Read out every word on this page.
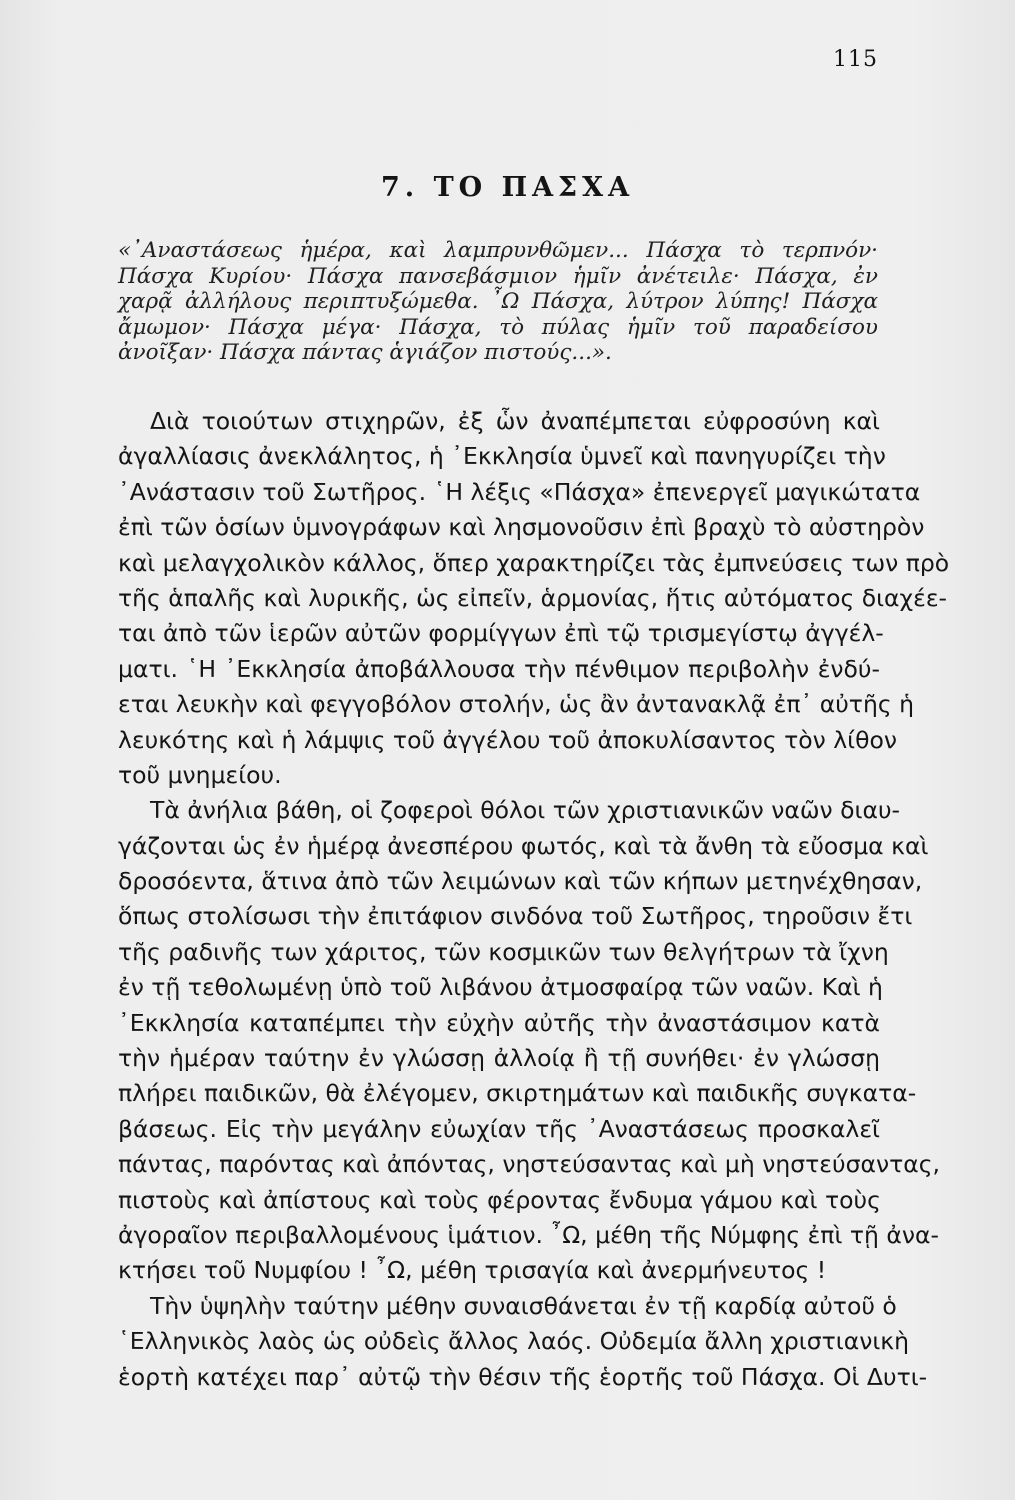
115
7. ΤΟ ΠΑΣΧΑ
«᾿Αναστάσεως ἡμέρα, καὶ λαμπρυνθῶμεν... Πάσχα τὸ τερπνόν·
Πάσχα Κυρίου· Πάσχα πανσεβάσμιον ἡμῖν ἀνέτειλε· Πάσχα, ἐν
χαρᾷ ἀλλήλους περιπτυξώμεθα. ῏Ω Πάσχα, λύτρον λύπης! Πάσχα
ἄμωμον· Πάσχα μέγα· Πάσχα, τὸ πύλας ἡμῖν τοῦ παραδείσου
ἀνοῖξαν· Πάσχα πάντας ἁγιάζον πιστούς...».
Διὰ τοιούτων στιχηρῶν, ἐξ ὧν ἀναπέμπεται εὐφροσύνη καὶ
ἀγαλλίασις ἀνεκλάλητος, ἡ ᾿Εκκλησία ὑμνεῖ καὶ πανηγυρίζει τὴν
᾿Ανάστασιν τοῦ Σωτῆρος. ῾Η λέξις «Πάσχα» ἐπενεργεῖ μαγικώτατα
ἐπὶ τῶν ὁσίων ὑμνογράφων καὶ λησμονοῦσιν ἐπὶ βραχὺ τὸ αὐστηρὸν
καὶ μελαγχολικὸν κάλλος, ὅπερ χαρακτηρίζει τὰς ἐμπνεύσεις των πρὸ
τῆς ἁπαλῆς καὶ λυρικῆς, ὡς εἰπεῖν, ἁρμονίας, ἥτις αὐτόματος διαχέε-
ται ἀπὸ τῶν ἱερῶν αὐτῶν φορμίγγων ἐπὶ τῷ τρισμεγίστῳ ἀγγέλ-
ματι. ῾Η ᾿Εκκλησία ἀποβάλλουσα τὴν πένθιμον περιβολὴν ἐνδύ-
εται λευκὴν καὶ φεγγοβόλον στολήν, ὡς ἂν ἀντανακλᾷ ἐπ᾿ αὐτῆς ἡ
λευκότης καὶ ἡ λάμψις τοῦ ἀγγέλου τοῦ ἀποκυλίσαντος τὸν λίθον
τοῦ μνημείου.
Τὰ ἀνήλια βάθη, οἱ ζοφεροὶ θόλοι τῶν χριστιανικῶν ναῶν διαυ-
γάζονται ὡς ἐν ἡμέρᾳ ἀνεσπέρου φωτός, καὶ τὰ ἄνθη τὰ εὔοσμα καὶ
δροσόεντα, ἅτινα ἀπὸ τῶν λειμώνων καὶ τῶν κήπων μετηνέχθησαν,
ὅπως στολίσωσι τὴν ἐπιτάφιον σινδόνα τοῦ Σωτῆρος, τηροῦσιν ἔτι
τῆς ραδινῆς των χάριτος, τῶν κοσμικῶν των θελγήτρων τὰ ἴχνη
ἐν τῇ τεθολωμένῃ ὑπὸ τοῦ λιβάνου ἀτμοσφαίρᾳ τῶν ναῶν. Καὶ ἡ
᾿Εκκλησία καταπέμπει τὴν εὐχὴν αὐτῆς τὴν ἀναστάσιμον κατὰ
τὴν ἡμέραν ταύτην ἐν γλώσσῃ ἀλλοίᾳ ἢ τῇ συνήθει· ἐν γλώσσῃ
πλήρει παιδικῶν, θὰ ἐλέγομεν, σκιρτημάτων καὶ παιδικῆς συγκατα-
βάσεως. Εἰς τὴν μεγάλην εὐωχίαν τῆς ᾿Αναστάσεως προσκαλεῖ
πάντας, παρόντας καὶ ἀπόντας, νηστεύσαντας καὶ μὴ νηστεύσαντας,
πιστοὺς καὶ ἀπίστους καὶ τοὺς φέροντας ἔνδυμα γάμου καὶ τοὺς
ἀγοραῖον περιβαλλομένους ἱμάτιον. ῏Ω, μέθη τῆς Νύμφης ἐπὶ τῇ ἀνα-
κτήσει τοῦ Νυμφίου ! ῏Ω, μέθη τρισαγία καὶ ἀνερμήνευτος !
Τὴν ὑψηλὴν ταύτην μέθην συναισθάνεται ἐν τῇ καρδίᾳ αὐτοῦ ὁ
῾Ελληνικὸς λαὸς ὡς οὐδεὶς ἄλλος λαός. Οὐδεμία ἄλλη χριστιανικὴ
ἑορτὴ κατέχει παρ᾿ αὐτῷ τὴν θέσιν τῆς ἑορτῆς τοῦ Πάσχα. Οἱ Δυτι-
